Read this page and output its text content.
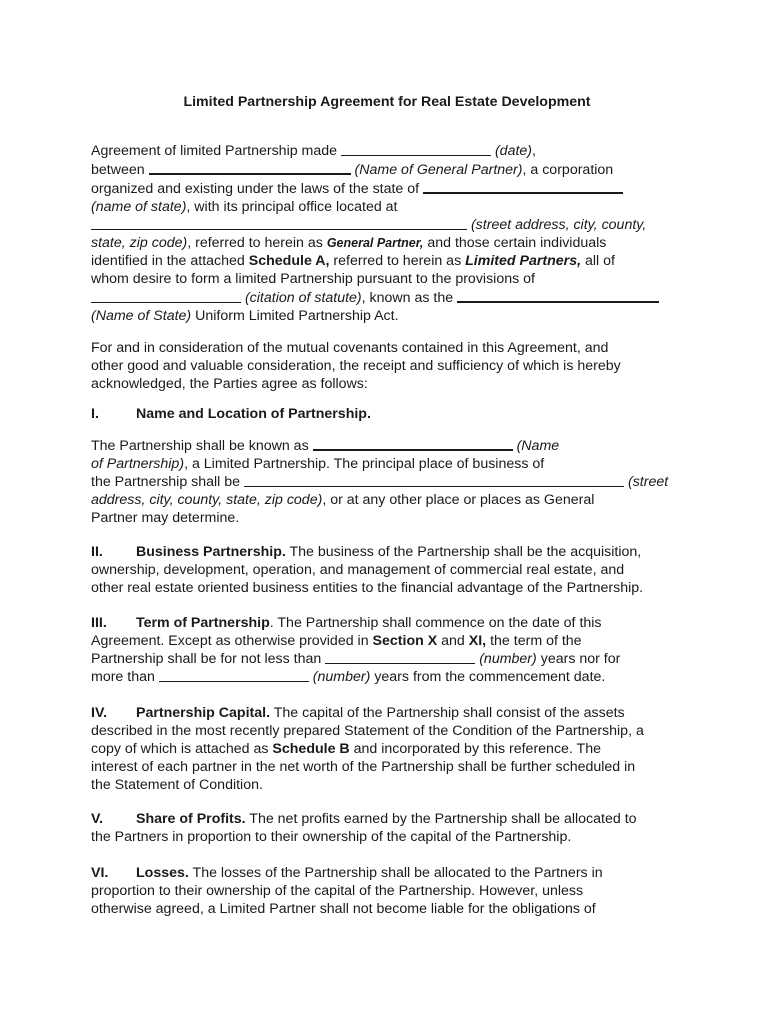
Limited Partnership Agreement for Real Estate Development
Agreement of limited Partnership made	(date),
between	(Name of General Partner), a corporation
organized and existing under the laws of the state of
(name of state), with its principal office located at
(street address, city, county,
state, zip code), referred to herein as General Partner, and those certain individuals
identified in the attached Schedule A, referred to herein as Limited Partners, all of
whom desire to form a limited Partnership pursuant to the provisions of
(citation of statute), known as the
(Name of State) Uniform Limited Partnership Act.
For and in consideration of the mutual covenants contained in this Agreement, and
other good and valuable consideration, the receipt and sufficiency of which is hereby
acknowledged, the Parties agree as follows:
I.	Name and Location of Partnership.
The Partnership shall be known as	(Name
of Partnership), a Limited Partnership. The principal place of business of
the Partnership shall be	(street
address, city, county, state, zip code), or at any other place or places as General
Partner may determine.
II. Business Partnership. The business of the Partnership shall be the acquisition,
ownership, development, operation, and management of commercial real estate, and
other real estate oriented business entities to the financial advantage of the Partnership.
III. Term of Partnership. The Partnership shall commence on the date of this
Agreement. Except as otherwise provided in Section X and XI, the term of the
Partnership shall be for not less than	(number) years nor for
more than	(number) years from the commencement date.
IV. Partnership Capital. The capital of the Partnership shall consist of the assets
described in the most recently prepared Statement of the Condition of the Partnership, a
copy of which is attached as Schedule B and incorporated by this reference. The
interest of each partner in the net worth of the Partnership shall be further scheduled in
the Statement of Condition.
V. Share of Profits. The net profits earned by the Partnership shall be allocated to
the Partners in proportion to their ownership of the capital of the Partnership.
VI. Losses. The losses of the Partnership shall be allocated to the Partners in
proportion to their ownership of the capital of the Partnership. However, unless
otherwise agreed, a Limited Partner shall not become liable for the obligations of
